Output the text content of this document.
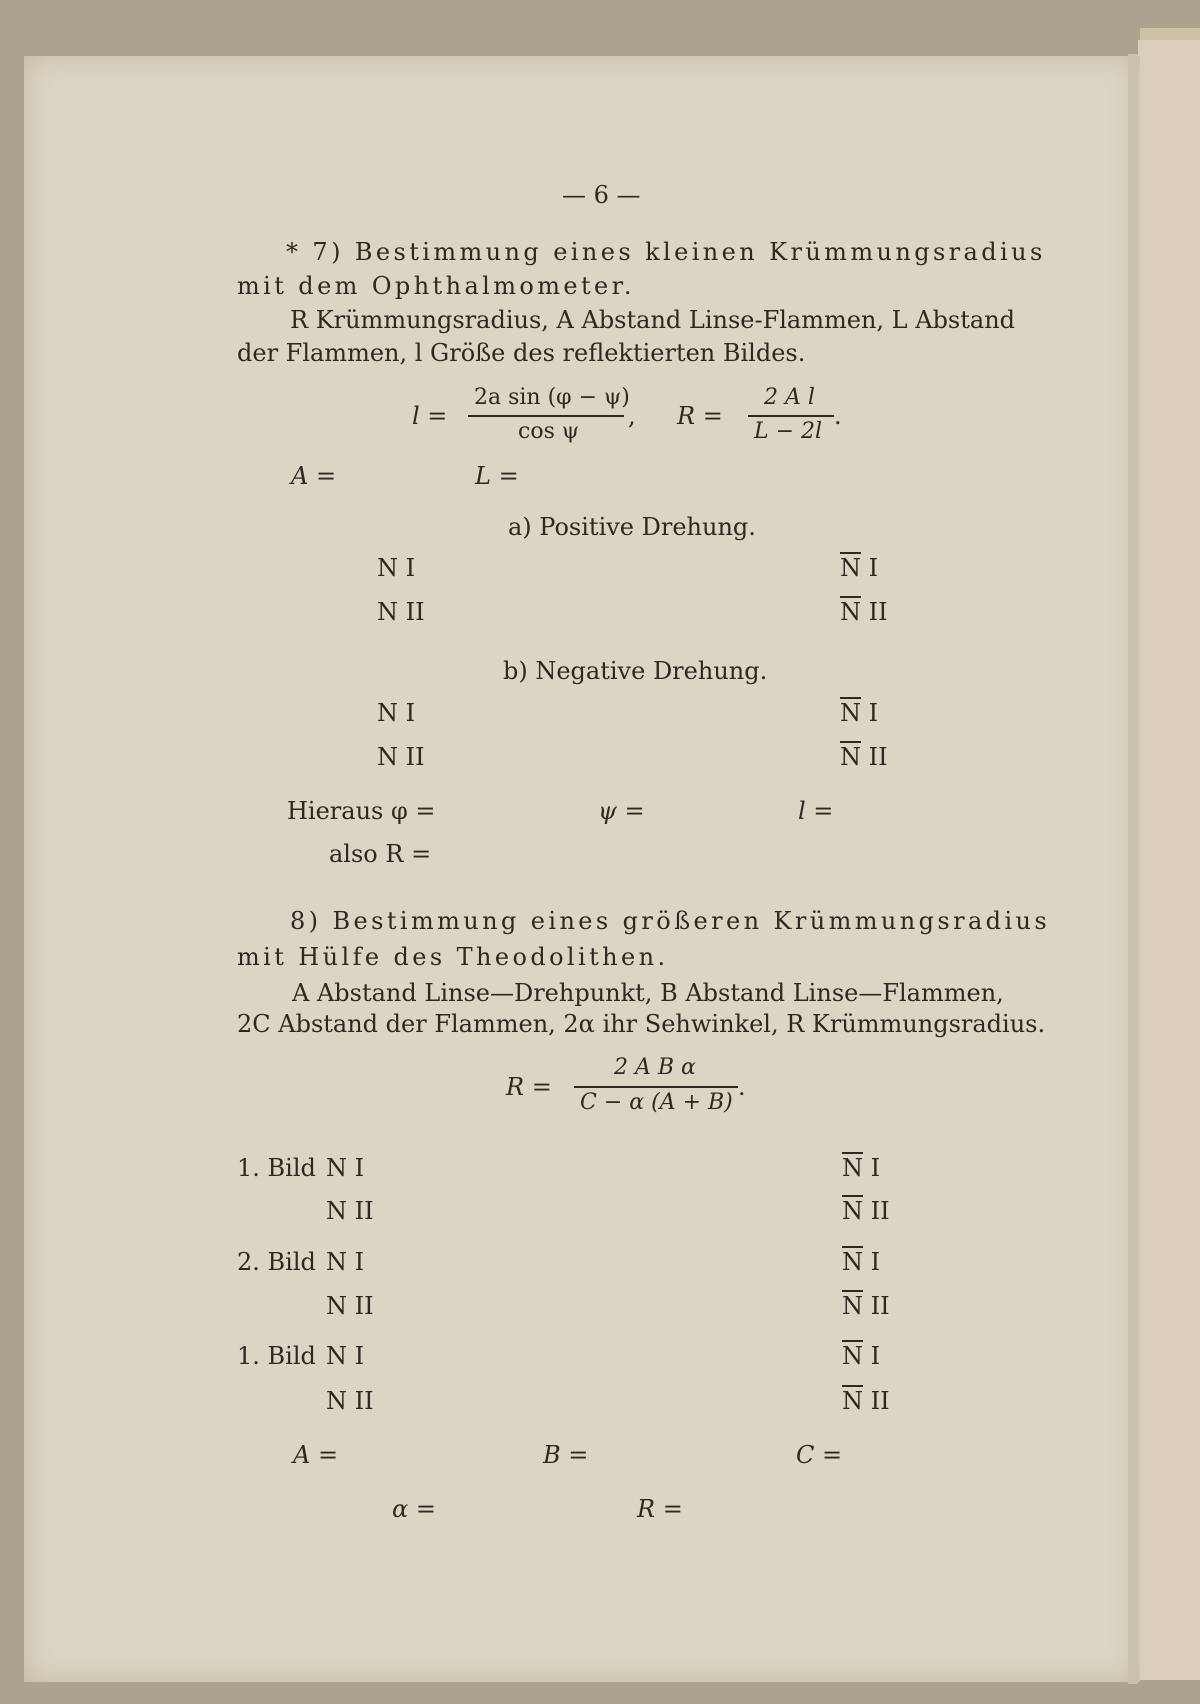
— 6 —
* 7) Bestimmung eines kleinen Krümmungsradius
mit dem Ophthalmometer.
R Krümmungsradius, A Abstand Linse-Flammen, L Abstand
der Flammen, l Größe des reflektierten Bildes.
l =
2a sin (φ − ψ)
cos ψ
, R =
2 A l
L − 2l
.
A =	L =
a) Positive Drehung.
N I	$\overline{N}$ I
N II	$\overline{N}$ II
b) Negative Drehung.
N I	$\overline{N}$ I
N II	$\overline{N}$ II
Hieraus φ =	ψ =	l =
also R =
8) Bestimmung eines größeren Krümmungsradius
mit Hülfe des Theodolithen.
A Abstand Linse—Drehpunkt, B Abstand Linse—Flammen,
2C Abstand der Flammen, 2α ihr Sehwinkel, R Krümmungsradius.
R =
2 A B α
C − α (A + B)
.
1. Bild N I	$\overline{N}$ I
N II	$\overline{N}$ II
2. Bild N I	$\overline{N}$ I
N II	$\overline{N}$ II
1. Bild N I	$\overline{N}$ I
N II	$\overline{N}$ II
A =	B =	C =
α =	R =
